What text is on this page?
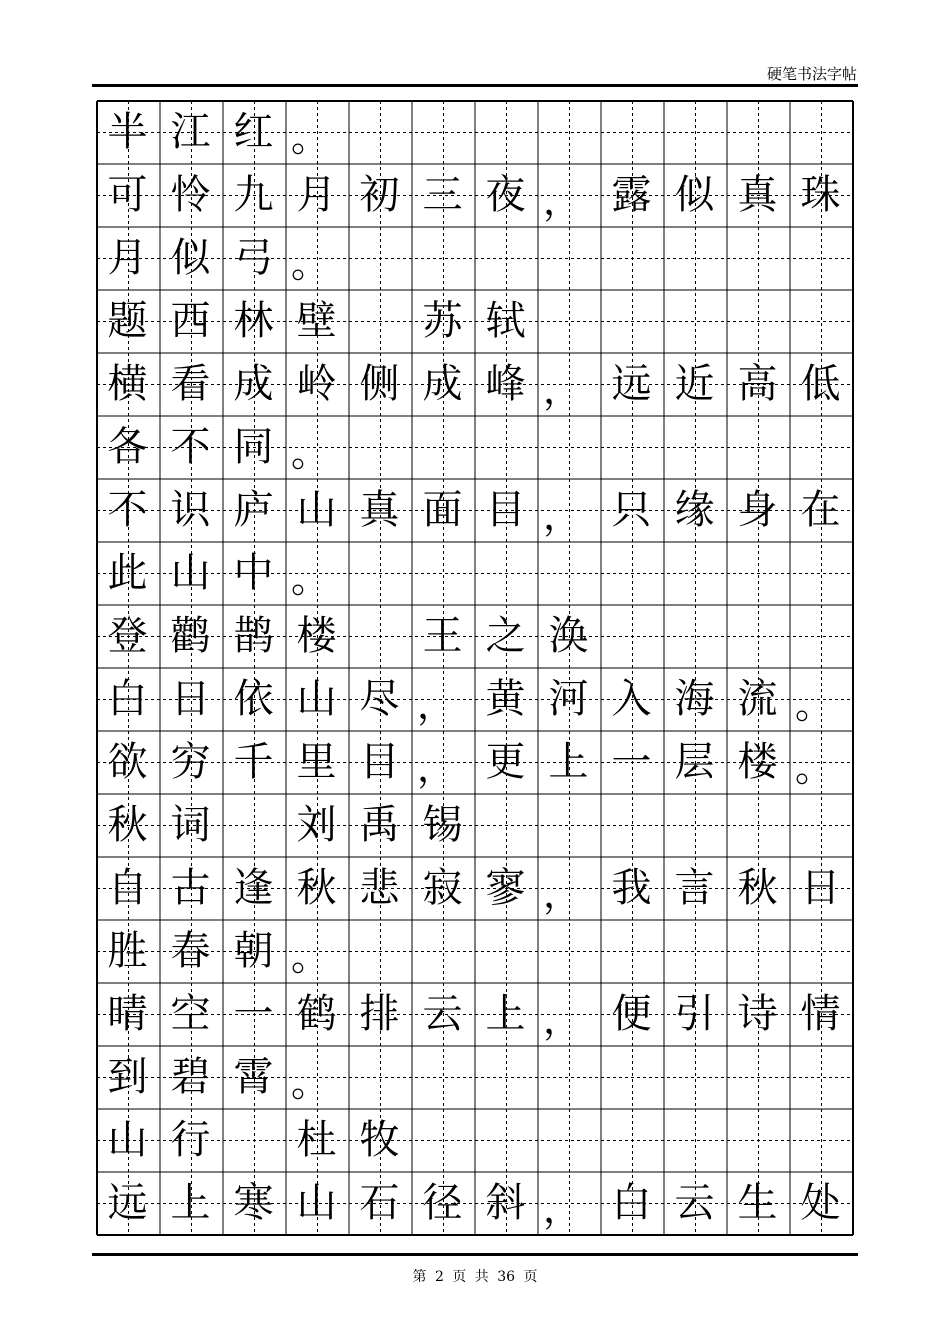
硬笔书法字帖
半 江 红 。
可 怜 九 月 初 三 夜 ， 露 似 真 珠
月 似 弓 。
题 西 林 壁 苏 轼
横 看 成 岭 侧 成 峰 ， 远 近 高 低
各 不 同 。
不 识 庐 山 真 面 目 ， 只 缘 身 在
此 山 中 。
登 鹳 鹊 楼 王 之 涣
白 日 依 山 尽 ， 黄 河 入 海 流 。
欲 穷 千 里 目 ， 更 上 一 层 楼 。
秋 词 刘 禹 锡
自 古 逢 秋 悲 寂 寥 ， 我 言 秋 日
胜 春 朝 。
晴 空 一 鹤 排 云 上 ， 便 引 诗 情
到 碧 霄 。
山 行 杜 牧
远 上 寒 山 石 径 斜 ， 白 云 生 处
第 2 页 共 36 页
